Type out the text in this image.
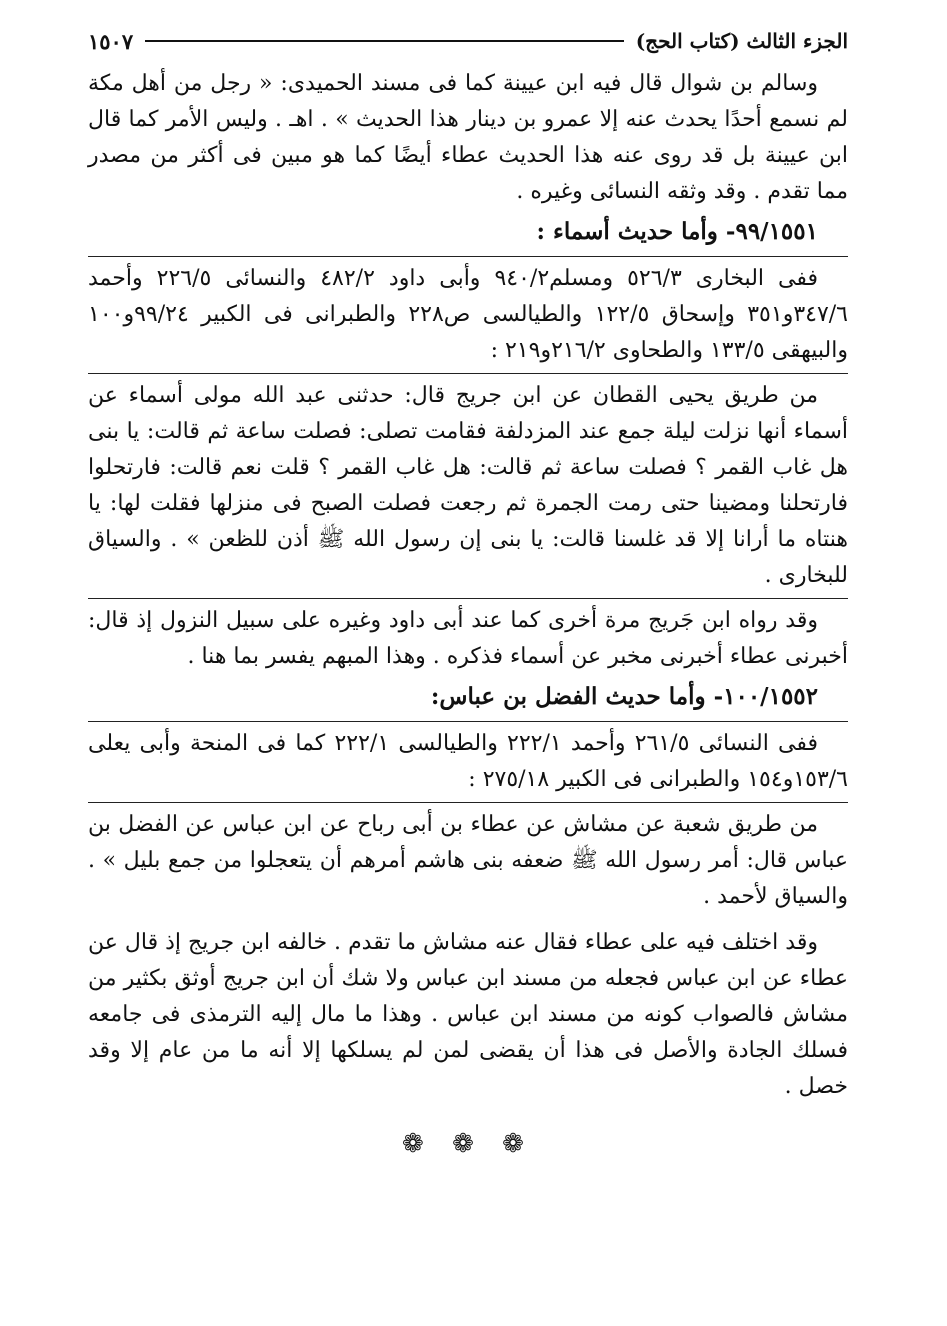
الجزء الثالث (كتاب الحج)
١٥٠٧

وسالم بن شوال قال فيه ابن عيينة كما فى مسند الحميدى: « رجل من أهل مكة لم نسمع أحدًا يحدث عنه إلا عمرو بن دينار هذا الحديث » . اهـ . وليس الأمر كما قال ابن عيينة بل قد روى عنه هذا الحديث عطاء أيضًا كما هو مبين فى أكثر من مصدر مما تقدم . وقد وثقه النسائى وغيره .

٩٩/١٥٥١- وأما حديث أسماء :

ففى البخارى ٥٢٦/٣ ومسلم٩٤٠/٢ وأبى داود ٤٨٢/٢ والنسائى ٢٢٦/٥ وأحمد ٣٤٧/٦و٣٥١ وإسحاق ١٢٢/٥ والطيالسى ص٢٢٨ والطبرانى فى الكبير ٩٩/٢٤و١٠٠ والبيهقى ١٣٣/٥ والطحاوى ٢١٦/٢و٢١٩ :

من طريق يحيى القطان عن ابن جريج قال: حدثنى عبد الله مولى أسماء عن أسماء أنها نزلت ليلة جمع عند المزدلفة فقامت تصلى: فصلت ساعة ثم قالت: يا بنى هل غاب القمر ؟ فصلت ساعة ثم قالت: هل غاب القمر ؟ قلت نعم قالت: فارتحلوا فارتحلنا ومضينا حتى رمت الجمرة ثم رجعت فصلت الصبح فى منزلها فقلت لها: يا هنتاه ما أرانا إلا قد غلسنا قالت: يا بنى إن رسول الله ﷺ أذن للظعن » . والسياق للبخارى .

وقد رواه ابن جَريج مرة أخرى كما عند أبى داود وغيره على سبيل النزول إذ قال: أخبرنى عطاء أخبرنى مخبر عن أسماء فذكره . وهذا المبهم يفسر بما هنا .

١٠٠/١٥٥٢- وأما حديث الفضل بن عباس:

ففى النسائى ٢٦١/٥ وأحمد ٢٢٢/١ والطيالسى ٢٢٢/١ كما فى المنحة وأبى يعلى ١٥٣/٦و١٥٤ والطبرانى فى الكبير ٢٧٥/١٨ :

من طريق شعبة عن مشاش عن عطاء بن أبى رباح عن ابن عباس عن الفضل بن عباس قال: أمر رسول الله ﷺ ضعفه بنى هاشم أمرهم أن يتعجلوا من جمع بليل » . والسياق لأحمد .

وقد اختلف فيه على عطاء فقال عنه مشاش ما تقدم . خالفه ابن جريج إذ قال عن عطاء عن ابن عباس فجعله من مسند ابن عباس ولا شك أن ابن جريج أوثق بكثير من مشاش فالصواب كونه من مسند ابن عباس . وهذا ما مال إليه الترمذى فى جامعه فسلك الجادة والأصل فى هذا أن يقضى لمن لم يسلكها إلا أنه ما من عام إلا وقد خصل .

❁ ❁ ❁
